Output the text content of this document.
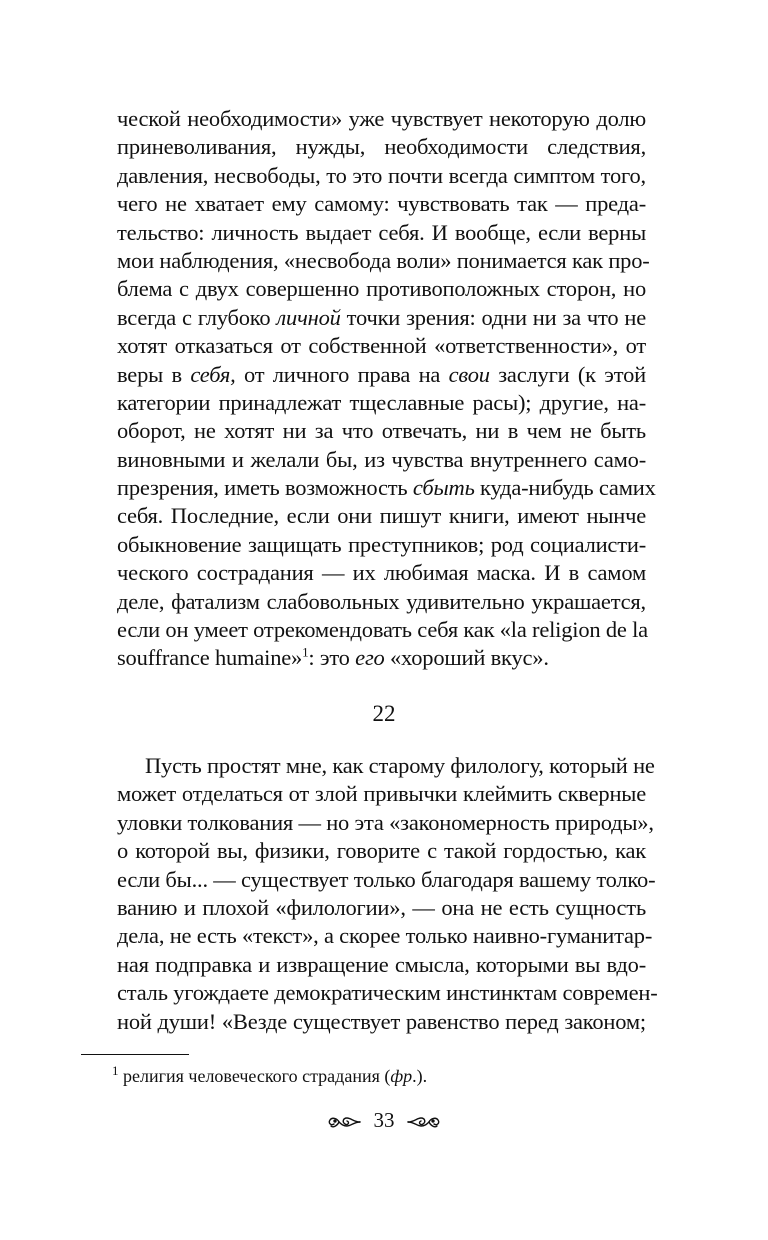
ческой необходимости» уже чувствует некоторую долю
приневоливания, нужды, необходимости следствия,
давления, несвободы, то это почти всегда симптом того,
чего не хватает ему самому: чувствовать так — преда-
тельство: личность выдает себя. И вообще, если верны
мои наблюдения, «несвобода воли» понимается как про-
блема с двух совершенно противоположных сторон, но
всегда с глубоко личной точки зрения: одни ни за что не
хотят отказаться от собственной «ответственности», от
веры в себя, от личного права на свои заслуги (к этой
категории принадлежат тщеславные расы); другие, на-
оборот, не хотят ни за что отвечать, ни в чем не быть
виновными и желали бы, из чувства внутреннего само-
презрения, иметь возможность сбыть куда-нибудь самих
себя. Последние, если они пишут книги, имеют нынче
обыкновение защищать преступников; род социалисти-
ческого сострадания — их любимая маска. И в самом
деле, фатализм слабовольных удивительно украшается,
если он умеет отрекомендовать себя как «la religion de la
souffrance humaine»$^1$: это его «хороший вкус».
22
Пусть простят мне, как старому филологу, который не
может отделаться от злой привычки клеймить скверные
уловки толкования — но эта «закономерность природы»,
о которой вы, физики, говорите с такой гордостью, как
если бы... — существует только благодаря вашему толко-
ванию и плохой «филологии», — она не есть сущность
дела, не есть «текст», а скорее только наивно-гуманитар-
ная подправка и извращение смысла, которыми вы вдо-
сталь угождаете демократическим инстинктам современ-
ной души! «Везде существует равенство перед законом;
$^1$ религия человеческого страдания (фр.).
33
